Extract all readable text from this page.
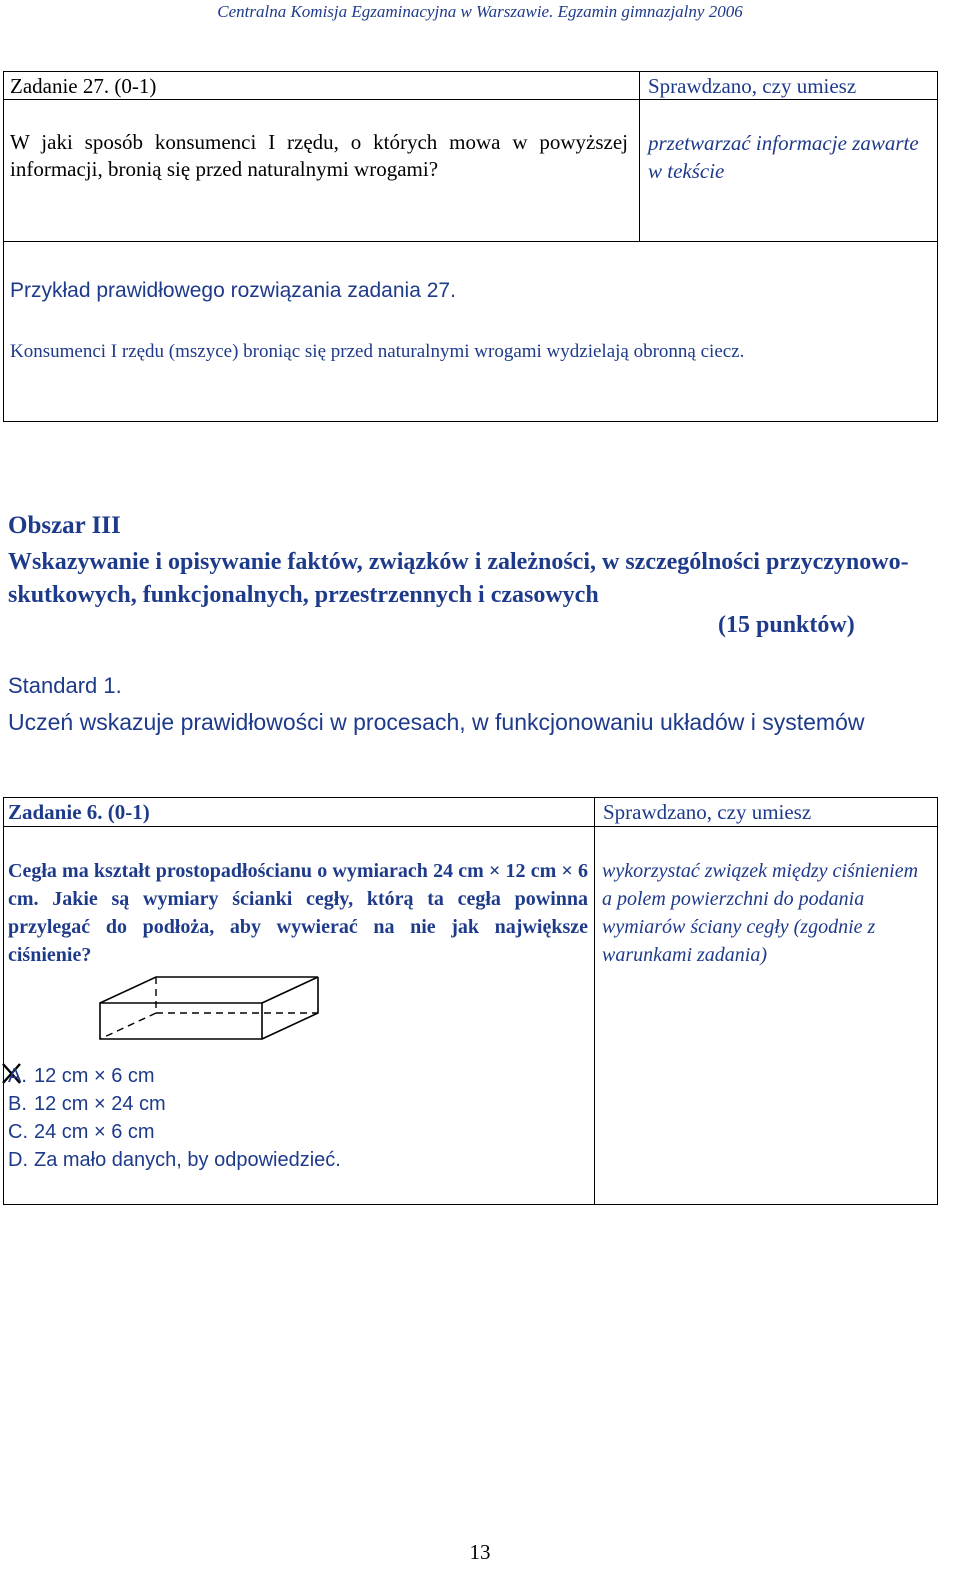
Centralna Komisja Egzaminacyjna w Warszawie. Egzamin gimnazjalny 2006
Zadanie 27. (0-1)	Sprawdzano, czy umiesz
W jaki sposób konsumenci I rzędu, o których mowa w powyższej informacji, bronią się przed naturalnymi wrogami?
przetwarzać informacje zawarte w tekście
Przykład prawidłowego rozwiązania zadania 27.
Konsumenci I rzędu (mszyce) broniąc się przed naturalnymi wrogami wydzielają obronną ciecz.
Obszar III
Wskazywanie i opisywanie faktów, związków i zależności, w szczególności przyczynowo-skutkowych, funkcjonalnych, przestrzennych i czasowych
(15 punktów)
Standard 1.
Uczeń wskazuje prawidłowości w procesach, w funkcjonowaniu układów i systemów
Zadanie 6. (0-1)	Sprawdzano, czy umiesz
Cegła ma kształt prostopadłościanu o wymiarach 24 cm × 12 cm × 6 cm. Jakie są wymiary ścianki cegły, którą ta cegła powinna przylegać do podłoża, aby wywierać na nie jak największe ciśnienie?
wykorzystać związek między ciśnieniem a polem powierzchni do podania wymiarów ściany cegły (zgodnie z warunkami zadania)
A. 12 cm × 6 cm
B. 12 cm × 24 cm
C. 24 cm × 6 cm
D. Za mało danych, by odpowiedzieć.
13
